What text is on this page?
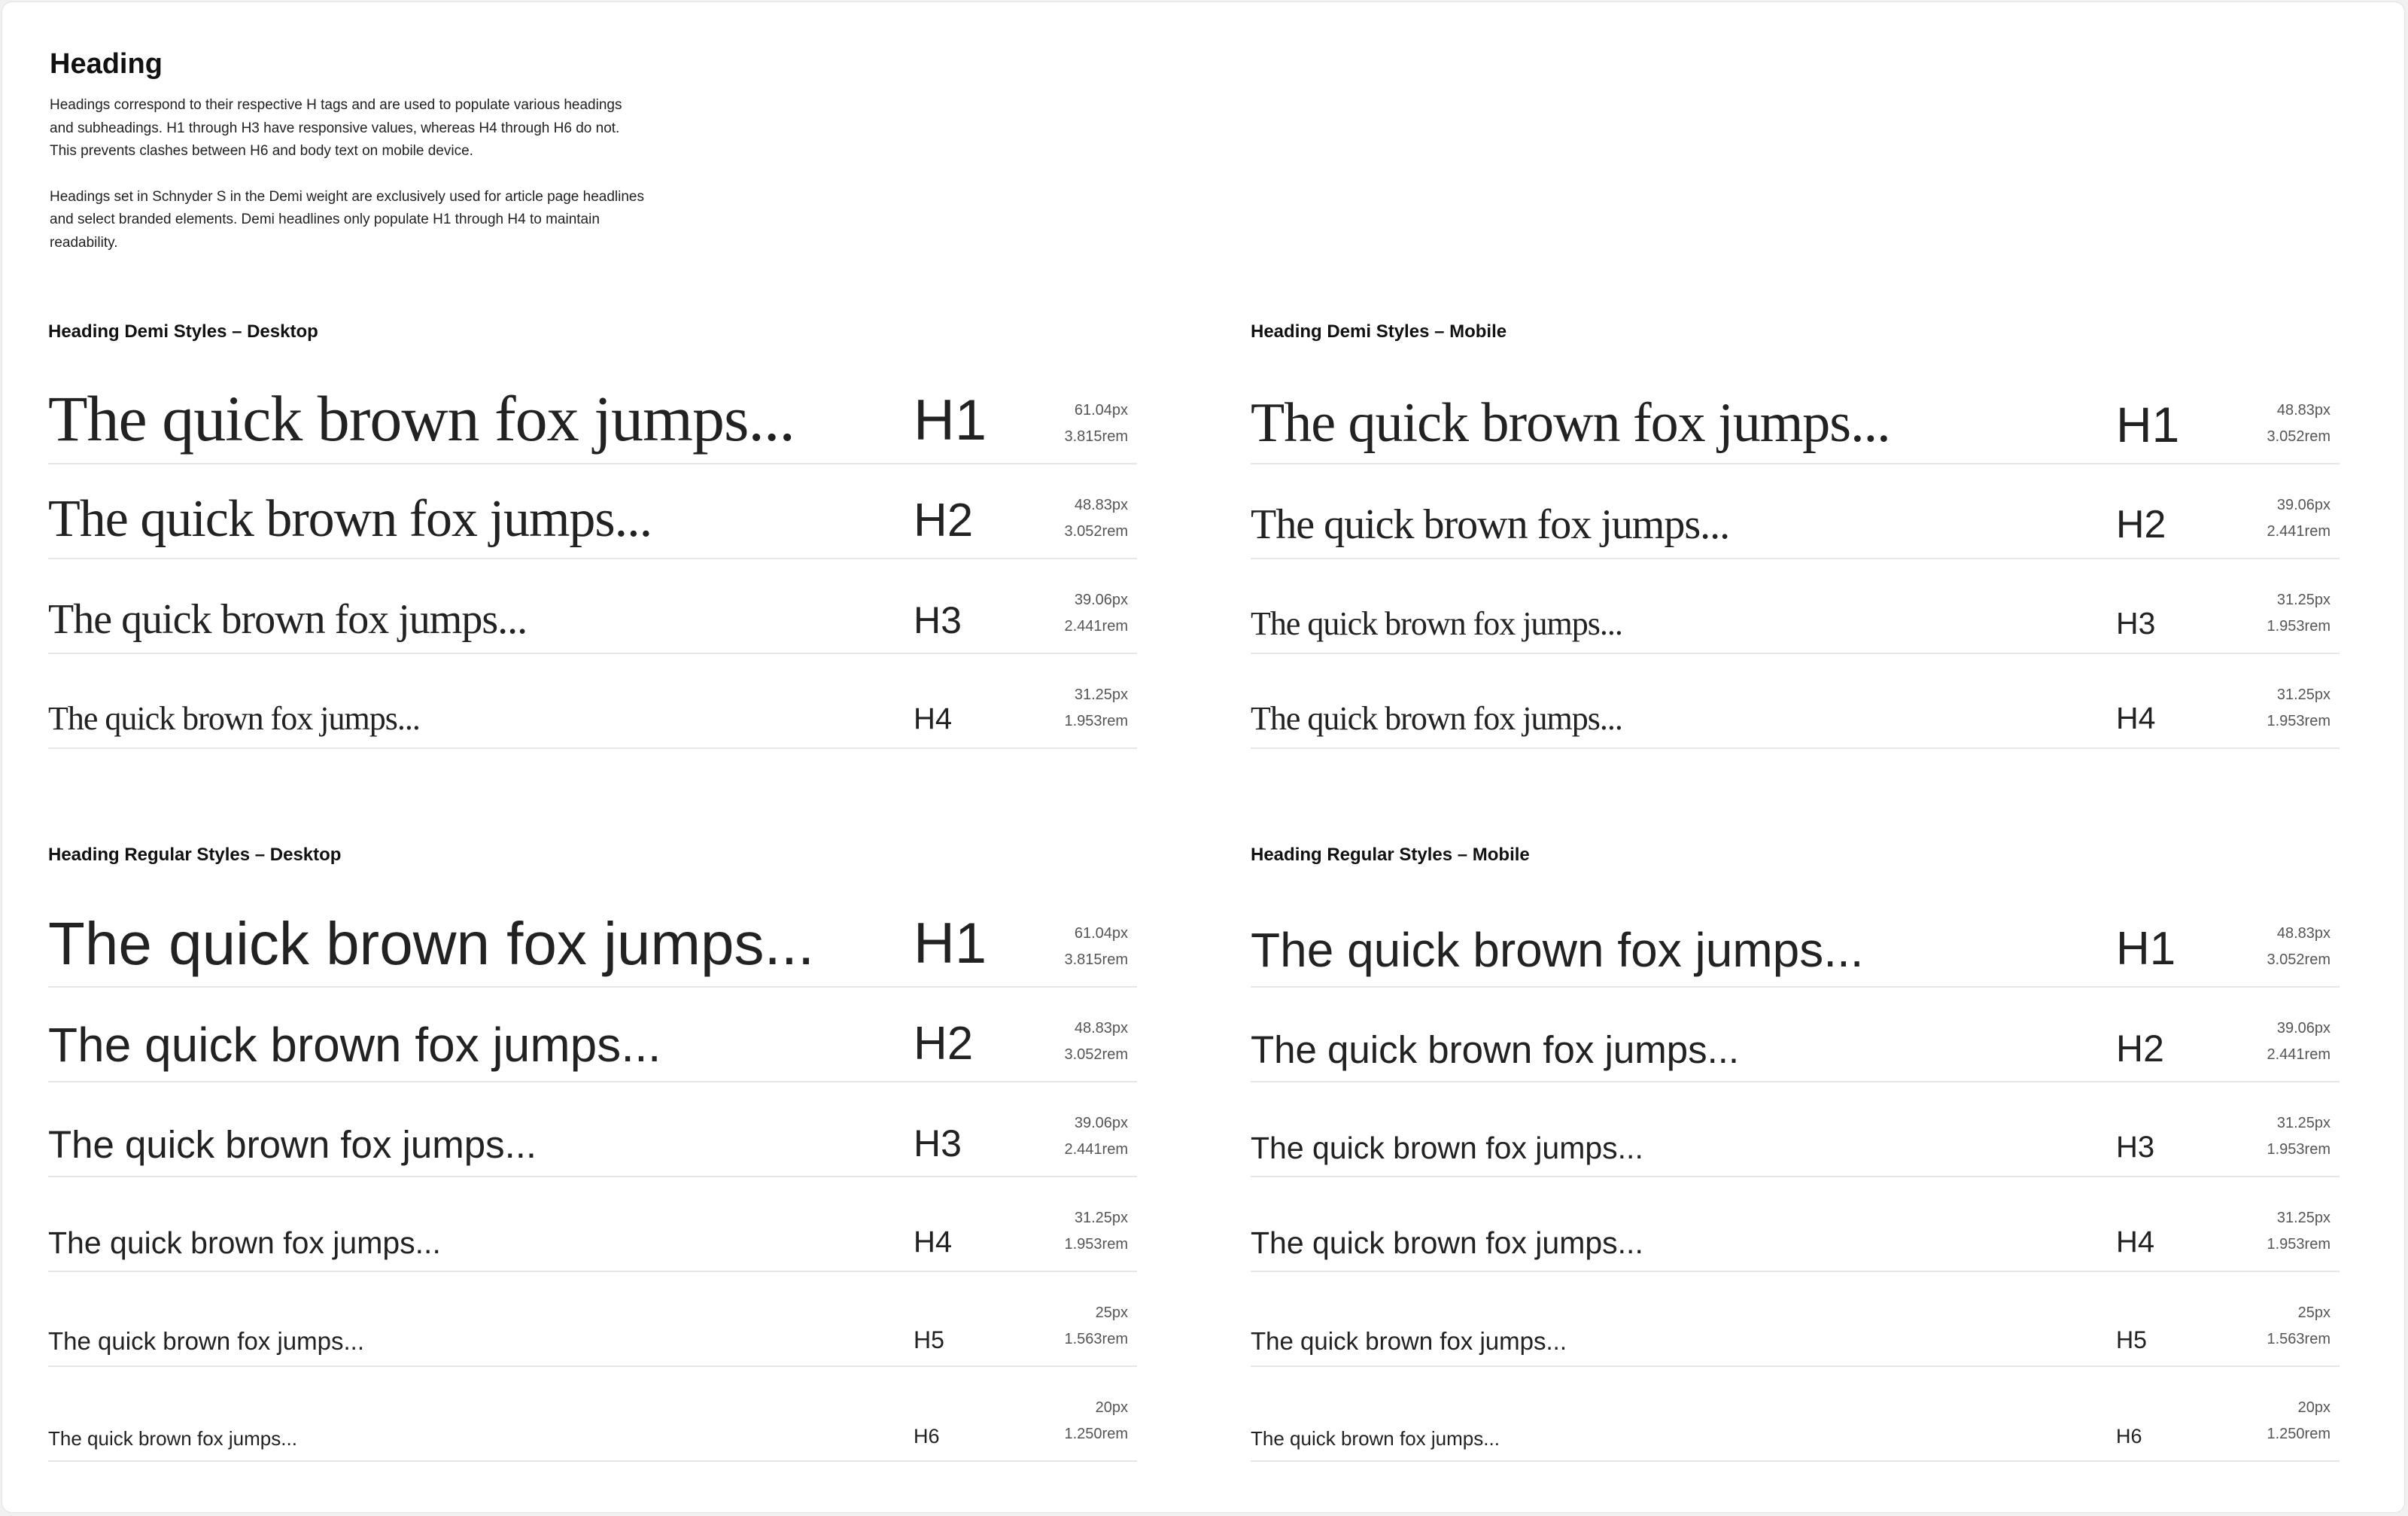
Heading

Headings correspond to their respective H tags and are used to populate various headings
and subheadings. H1 through H3 have responsive values, whereas H4 through H6 do not.
This prevents clashes between H6 and body text on mobile device.

Headings set in Schnyder S in the Demi weight are exclusively used for article page headlines
and select branded elements. Demi headlines only populate H1 through H4 to maintain
readability.

Heading Demi Styles – Desktop
The quick brown fox jumps... H1	61.04px
3.815rem
The quick brown fox jumps...	H2	48.83px
3.052rem
The quick brown fox jumps...	H3	39.06px
2.441rem
The quick brown fox jumps...	H4
31.25px
1.953rem
Heading Demi Styles – Mobile
The quick brown fox jumps...	H1	48.83px
3.052rem
The quick brown fox jumps...	H2	39.06px
2.441rem
The quick brown fox jumps...	H3
31.25px
1.953rem
The quick brown fox jumps...	H4
31.25px
1.953rem
Heading Regular Styles – Desktop
The quick brown fox jumps... H1	61.04px
3.815rem
The quick brown fox jumps...	H2	48.83px
3.052rem
The quick brown fox jumps...	H3	39.06px
2.441rem
The quick brown fox jumps...	H4
31.25px
1.953rem
The quick brown fox jumps...	H5
25px
1.563rem
The quick brown fox jumps...	H6
20px
1.250rem
Heading Regular Styles – Mobile
The quick brown fox jumps...	H1	48.83px
3.052rem
The quick brown fox jumps...	H2	39.06px
2.441rem
The quick brown fox jumps...	H3
31.25px
1.953rem
The quick brown fox jumps...	H4
31.25px
1.953rem
The quick brown fox jumps...	H5
25px
1.563rem
The quick brown fox jumps...	H6
20px
1.250rem
